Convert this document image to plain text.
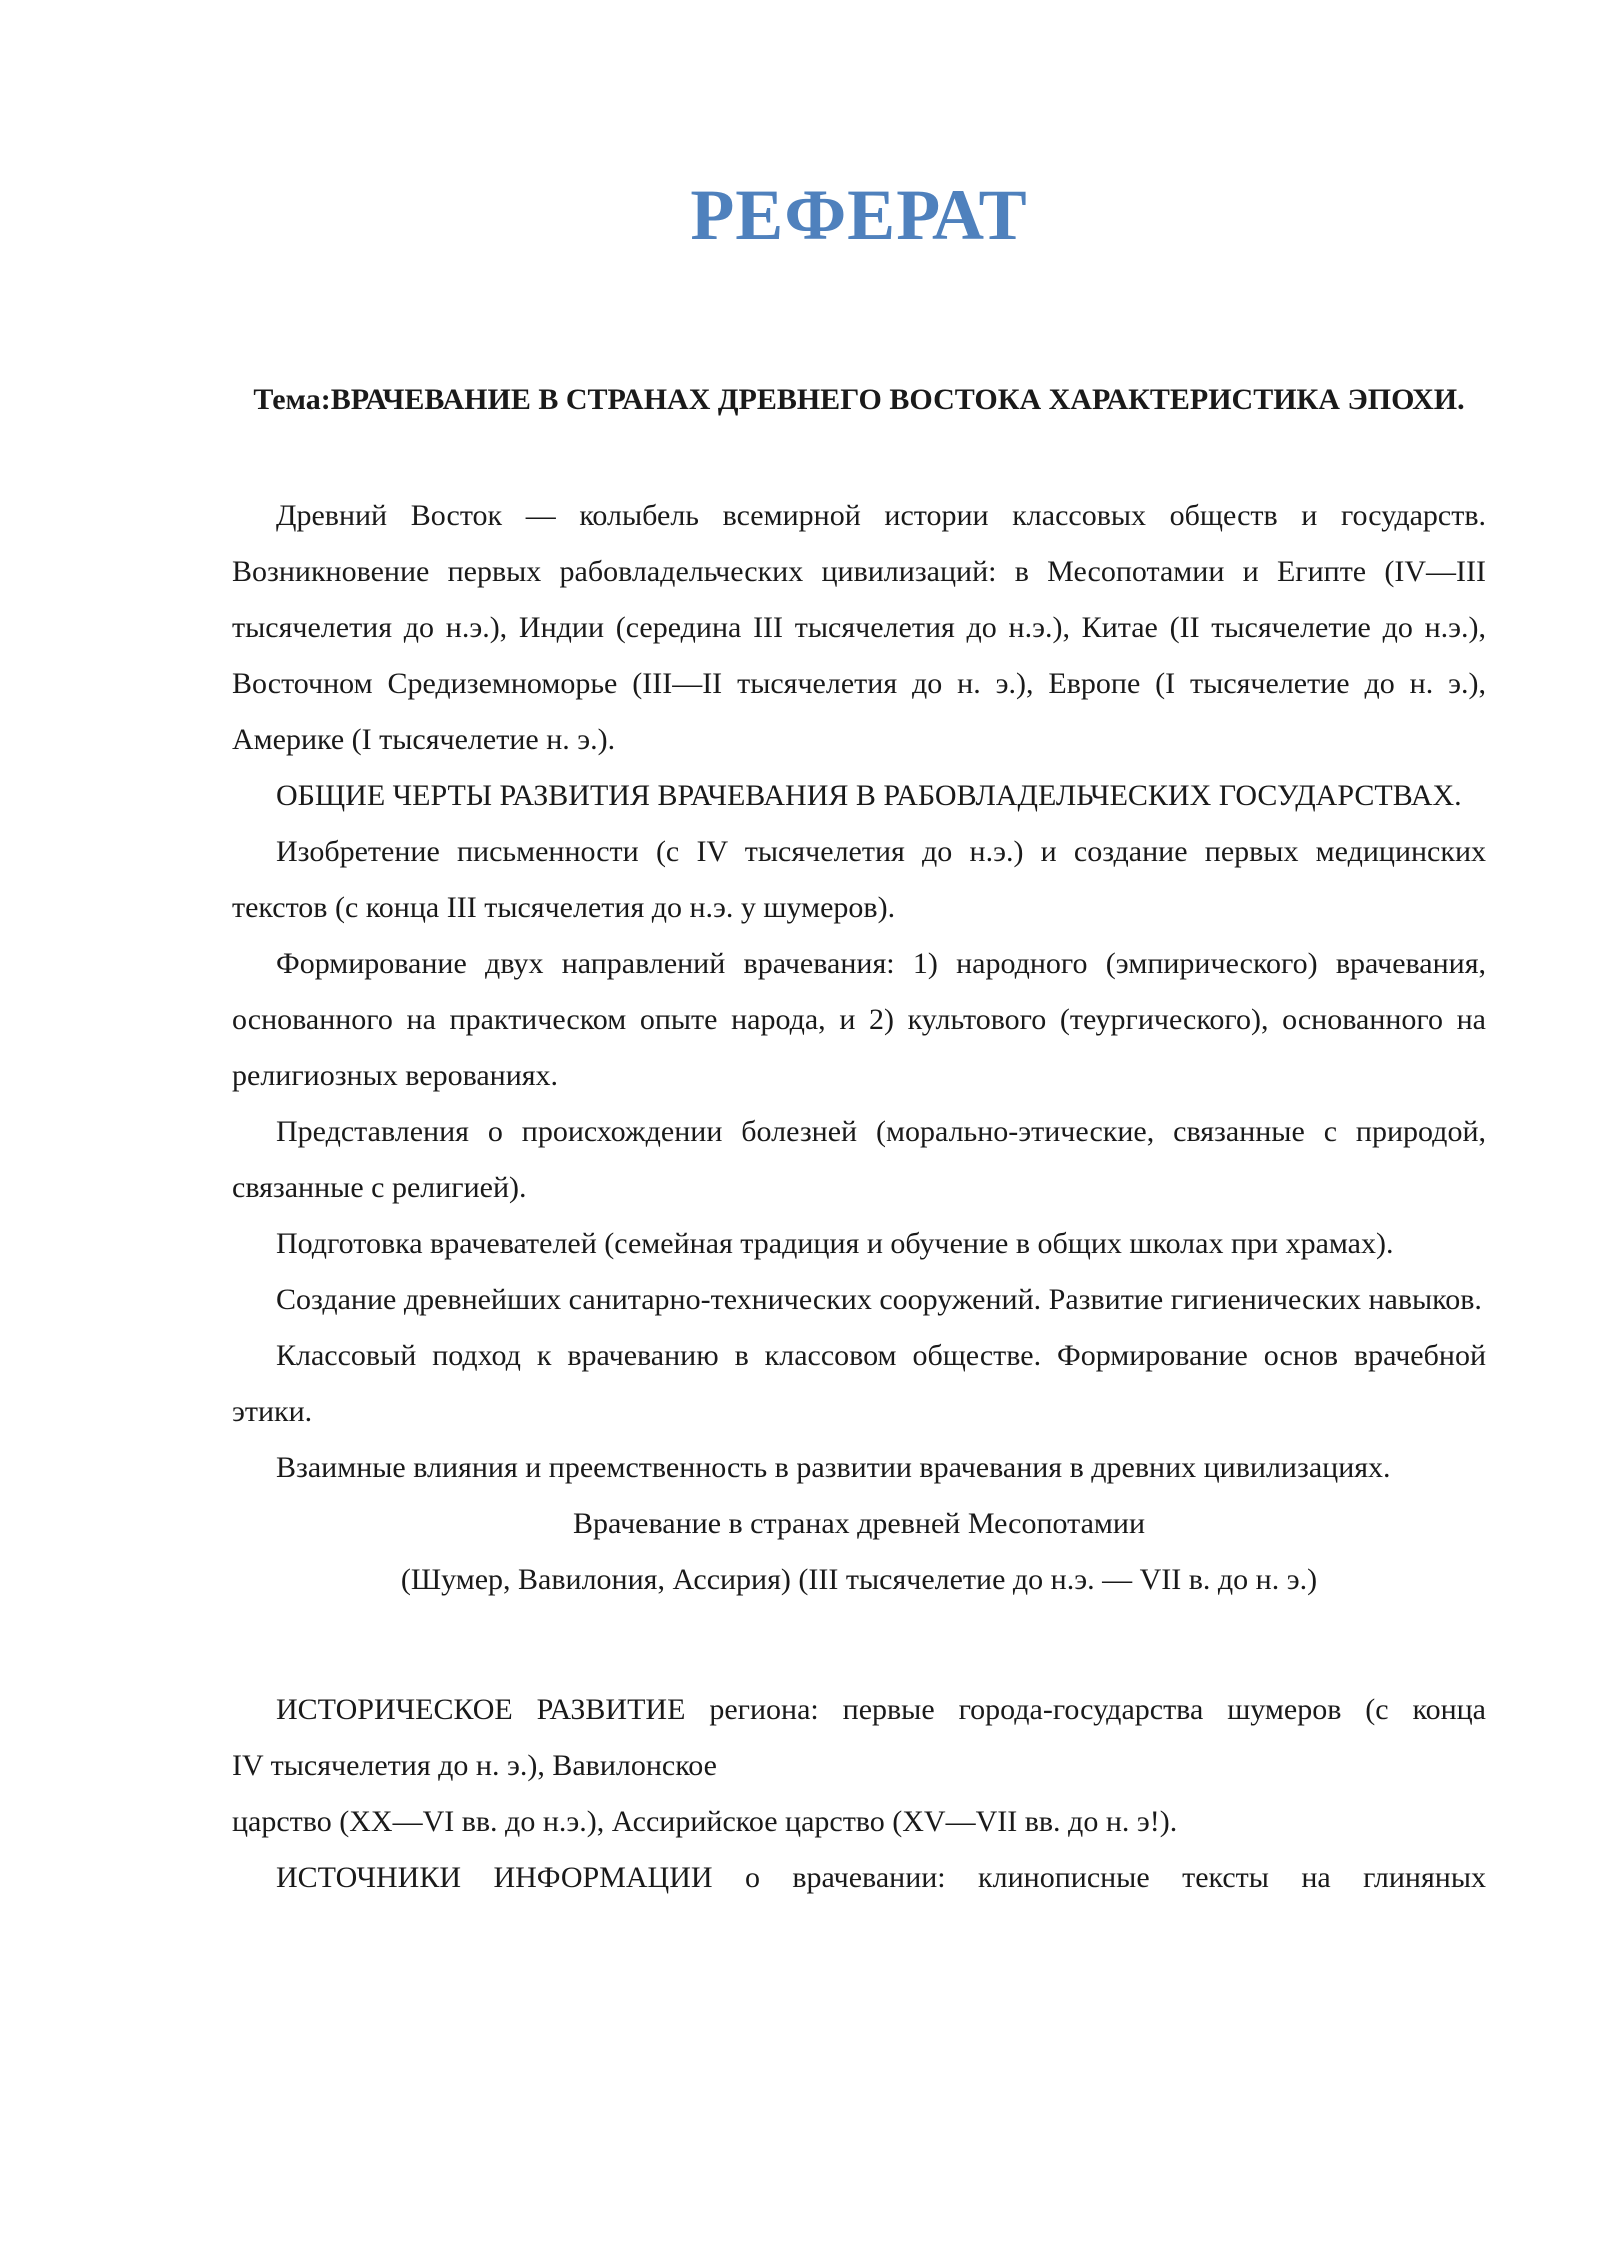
РЕФЕРАТ

Тема:ВРАЧЕВАНИЕ В СТРАНАХ ДРЕВНЕГО ВОСТОКА ХАРАКТЕРИСТИКА ЭПОХИ.

Древний Восток — колыбель всемирной истории классовых обществ и государств. Возникновение первых рабовладельческих цивилизаций: в Месопотамии и Египте (IV—III тысячелетия до н.э.), Индии (середина III тысячелетия до н.э.), Китае (II тысячелетие до н.э.), Восточном Средиземноморье (III—II тысячелетия до н. э.), Европе (I тысячелетие до н. э.), Америке (I тысячелетие н. э.).

ОБЩИЕ ЧЕРТЫ РАЗВИТИЯ ВРАЧЕВАНИЯ В РАБОВЛАДЕЛЬЧЕСКИХ ГОСУДАРСТВАХ.

Изобретение письменности (с IV тысячелетия до н.э.) и создание первых медицинских текстов (с конца III тысячелетия до н.э. у шумеров).

Формирование двух направлений врачевания: 1) народного (эмпирического) врачевания, основанного на практическом опыте народа, и 2) культового (теургического), основанного на религиозных верованиях.

Представления о происхождении болезней (морально-этические, связанные с природой, связанные с религией).

Подготовка врачевателей (семейная традиция и обучение в общих школах при храмах).

Создание древнейших санитарно-технических сооружений. Развитие гигиенических навыков.

Классовый подход к врачеванию в классовом обществе. Формирование основ врачебной этики.

Взаимные влияния и преемственность в развитии врачевания в древних цивилизациях.

Врачевание в странах древней Месопотамии

(Шумер, Вавилония, Ассирия) (III тысячелетие до н.э. — VII в. до н. э.)

ИСТОРИЧЕСКОЕ РАЗВИТИЕ региона: первые города-государства шумеров (с конца

IV тысячелетия до н. э.), Вавилонское

царство (XX—VI вв. до н.э.), Ассирийское царство (XV—VII вв. до н. э!).

ИСТОЧНИКИ ИНФОРМАЦИИ о врачевании: клинописные тексты на глиняных
